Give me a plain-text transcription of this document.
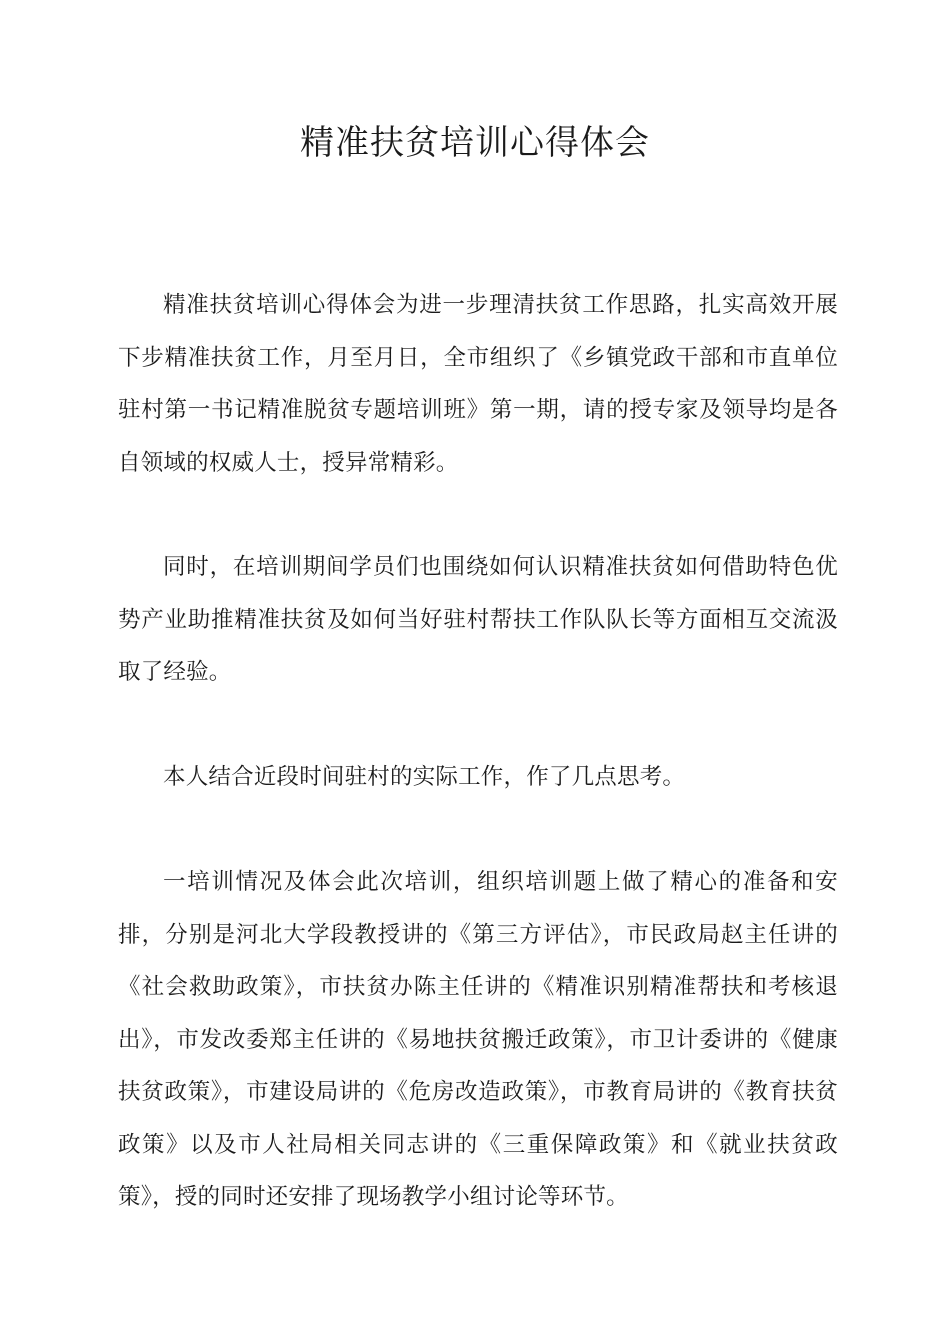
精准扶贫培训心得体会

精准扶贫培训心得体会为进一步理清扶贫工作思路，扎实高效开展下步精准扶贫工作，月至月日，全市组织了《乡镇党政干部和市直单位驻村第一书记精准脱贫专题培训班》第一期，请的授专家及领导均是各自领域的权威人士，授异常精彩。

同时，在培训期间学员们也围绕如何认识精准扶贫如何借助特色优势产业助推精准扶贫及如何当好驻村帮扶工作队队长等方面相互交流汲取了经验。

本人结合近段时间驻村的实际工作，作了几点思考。

一培训情况及体会此次培训，组织培训题上做了精心的准备和安排，分别是河北大学段教授讲的《第三方评估》，市民政局赵主任讲的《社会救助政策》，市扶贫办陈主任讲的《精准识别精准帮扶和考核退出》，市发改委郑主任讲的《易地扶贫搬迁政策》，市卫计委讲的《健康扶贫政策》，市建设局讲的《危房改造政策》，市教育局讲的《教育扶贫政策》以及市人社局相关同志讲的《三重保障政策》和《就业扶贫政策》，授的同时还安排了现场教学小组讨论等环节。
